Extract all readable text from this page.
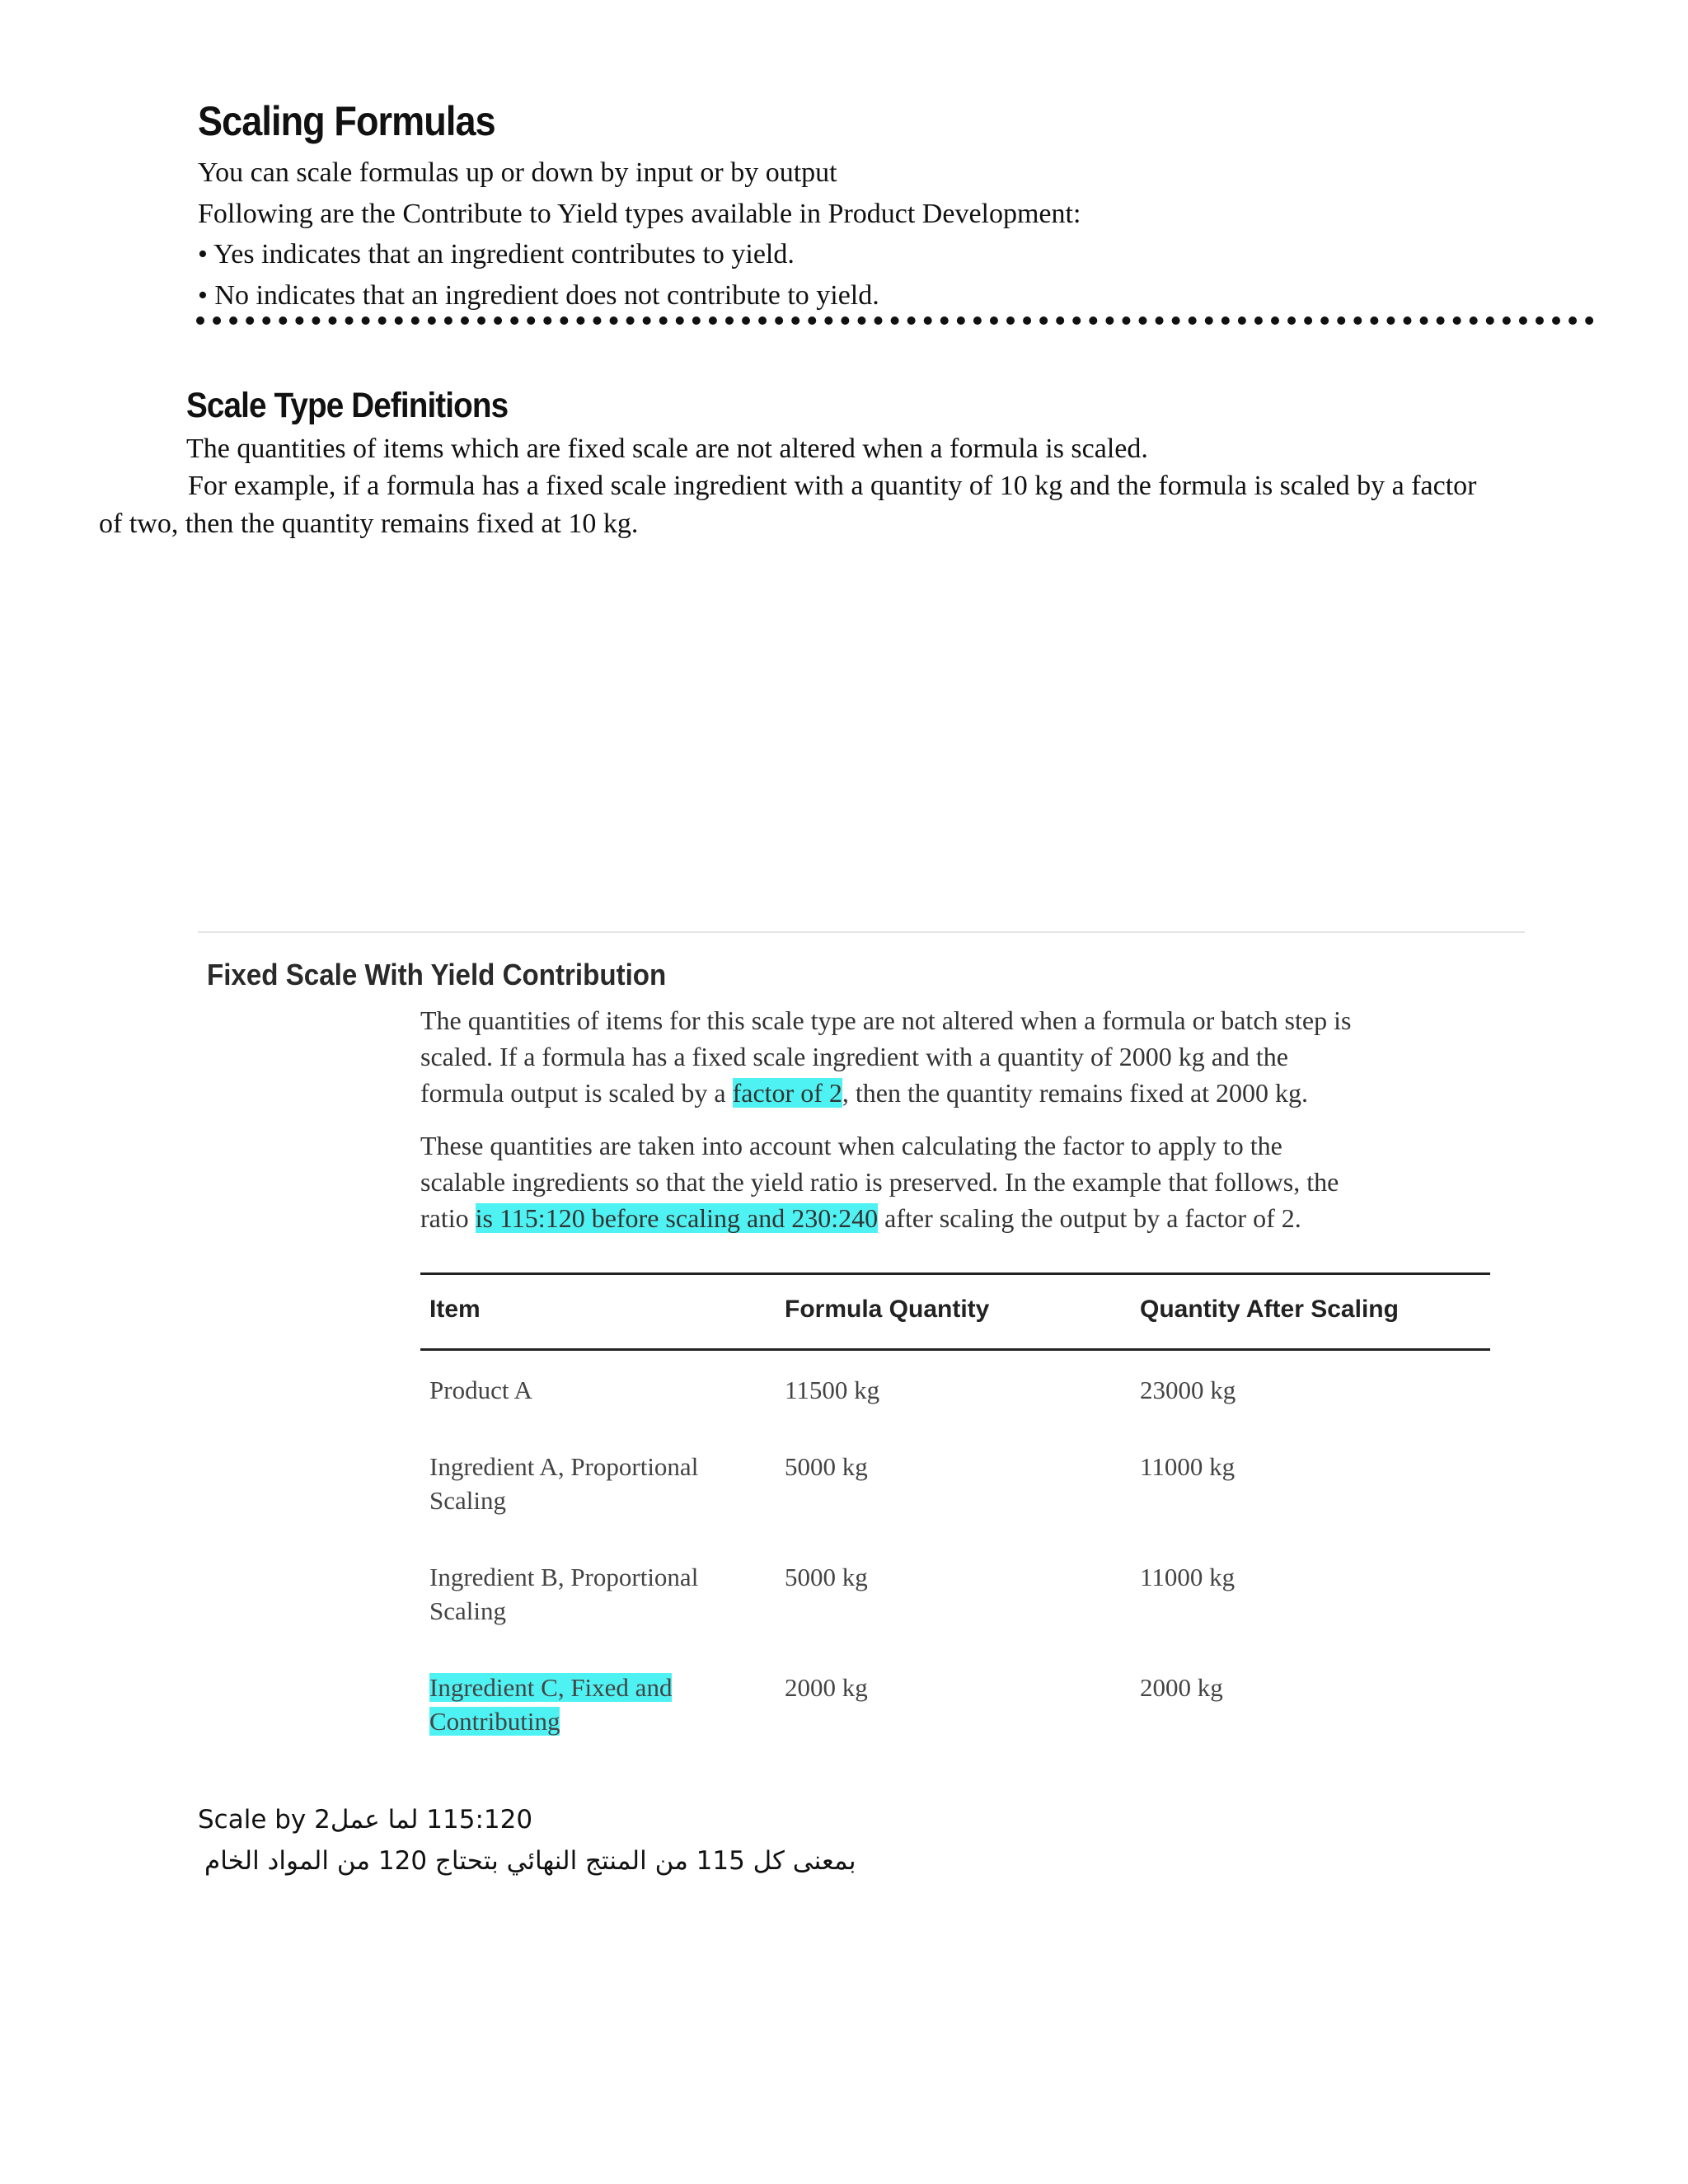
Scaling Formulas
You can scale formulas up or down by input or by output
Following are the Contribute to Yield types available in Product Development:
• Yes indicates that an ingredient contributes to yield.
• No indicates that an ingredient does not contribute to yield.
Scale Type Definitions
The quantities of items which are fixed scale are not altered when a formula is scaled.
For example, if a formula has a fixed scale ingredient with a quantity of 10 kg and the formula is scaled by a factor
of two, then the quantity remains fixed at 10 kg.
Fixed Scale With Yield Contribution
The quantities of items for this scale type are not altered when a formula or batch step is
scaled. If a formula has a fixed scale ingredient with a quantity of 2000 kg and the
formula output is scaled by a factor of 2, then the quantity remains fixed at 2000 kg.
These quantities are taken into account when calculating the factor to apply to the
scalable ingredients so that the yield ratio is preserved. In the example that follows, the
ratio is 115:120 before scaling and 230:240 after scaling the output by a factor of 2.
Item	Formula Quantity	Quantity After Scaling
Product A	11500 kg	23000 kg
Ingredient A, Proportional
Scaling
5000 kg	11000 kg
Ingredient B, Proportional
Scaling
5000 kg	11000 kg
Ingredient C, Fixed and
Contributing
2000 kg	2000 kg
115:120 لما عملScale by 2
بمعنى كل 115 من المنتج النهائي بتحتاج 120 من المواد الخام
